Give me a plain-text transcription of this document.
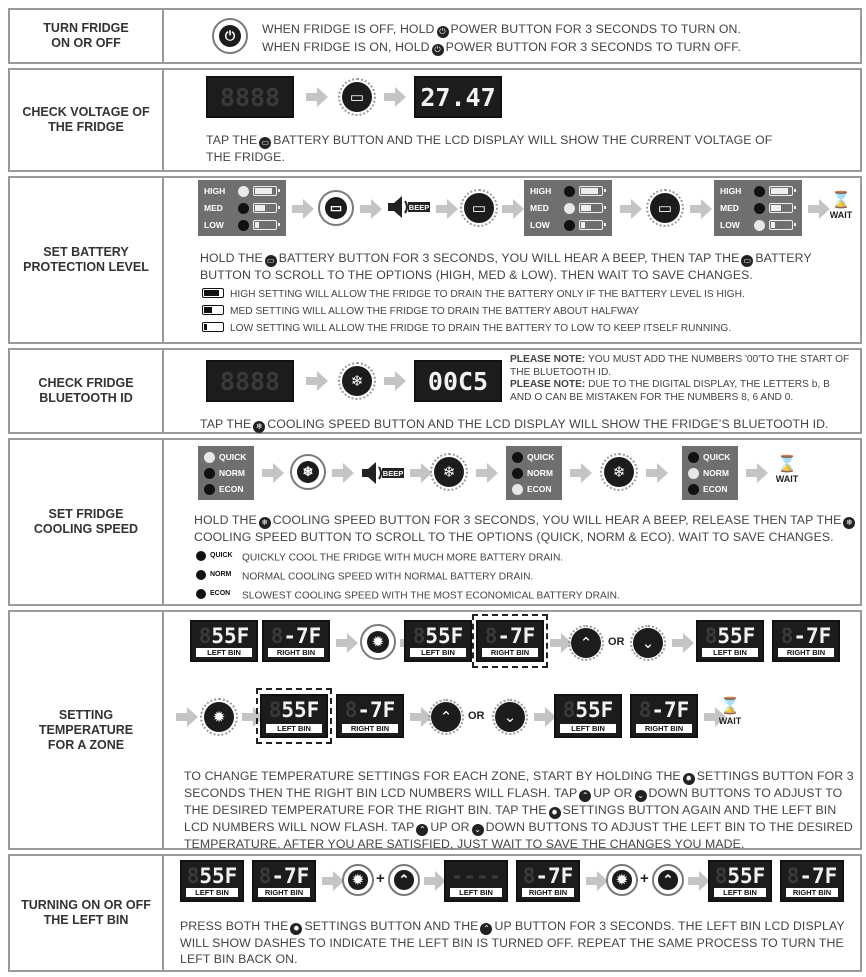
TURN FRIDGE
ON OR OFF
⏻	WHEN FRIDGE IS OFF, HOLD ⏻ POWER BUTTON FOR 3 SECONDS TO TURN ON.
WHEN FRIDGE IS ON, HOLD ⏻ POWER BUTTON FOR 3 SECONDS TO TURN OFF.
CHECK VOLTAGE OF
THE FRIDGE
8888	▭	27.47
TAP THE ▭ BATTERY BUTTON AND THE LCD DISPLAY WILL SHOW THE CURRENT VOLTAGE OF THE FRIDGE.
SET BATTERY
PROTECTION LEVEL
HIGH
MED
LOW
▭	BEEP	▭
HIGH
MED
LOW
▭
HIGH
MED
LOW
⌛
WAIT
HOLD THE ▭ BATTERY BUTTON FOR 3 SECONDS, YOU WILL HEAR A BEEP, THEN TAP THE ▭ BATTERY BUTTON TO SCROLL TO THE OPTIONS (HIGH, MED & LOW). THEN WAIT TO SAVE CHANGES.
HIGH SETTING WILL ALLOW THE FRIDGE TO DRAIN THE BATTERY ONLY IF THE BATTERY LEVEL IS HIGH.
MED SETTING WILL ALLOW THE FRIDGE TO DRAIN THE BATTERY ABOUT HALFWAY
LOW SETTING WILL ALLOW THE FRIDGE TO DRAIN THE BATTERY TO LOW TO KEEP ITSELF RUNNING.
CHECK FRIDGE
BLUETOOTH ID
8888	❄	00C5
PLEASE NOTE: YOU MUST ADD THE NUMBERS '00'TO THE START OF THE BLUETOOTH ID.
PLEASE NOTE: DUE TO THE DIGITAL DISPLAY, THE LETTERS b, B AND O CAN BE MISTAKEN FOR THE NUMBERS 8, 6 AND 0.
TAP THE ❄ COOLING SPEED BUTTON AND THE LCD DISPLAY WILL SHOW THE FRIDGE’S BLUETOOTH ID.
SET FRIDGE
COOLING SPEED
QUICK
NORM
ECON
❄	BEEP	❄
QUICK
NORM
ECON
❄
QUICK
NORM
ECON
⌛
WAIT
HOLD THE ❄ COOLING SPEED BUTTON FOR 3 SECONDS, YOU WILL HEAR A BEEP, RELEASE THEN TAP THE ❄COOLING SPEED BUTTON TO SCROLL TO THE OPTIONS (QUICK, NORM & ECO). WAIT TO SAVE CHANGES.
QUICK QUICKLY COOL THE FRIDGE WITH MUCH MORE BATTERY DRAIN.
NORM NORMAL COOLING SPEED WITH NORMAL BATTERY DRAIN.
ECON SLOWEST COOLING SPEED WITH THE MOST ECONOMICAL BATTERY DRAIN.
SETTING
TEMPERATURE
FOR A ZONE
855F
LEFT BIN
8-7F
RIGHT BIN
✹	855F
LEFT BIN
8-7F
RIGHT BIN
⌃	OR	⌄	855F
LEFT BIN
8-7F
RIGHT BIN
✹	855F
LEFT BIN
8-7F
RIGHT BIN
⌃	OR	⌄	855F
LEFT BIN
8-7F
RIGHT BIN
⌛
WAIT
TO CHANGE TEMPERATURE SETTINGS FOR EACH ZONE, START BY HOLDING THE ✹ SETTINGS BUTTON FOR 3 SECONDS THEN THE RIGHT BIN LCD NUMBERS WILL FLASH. TAP ⌃ UP OR ⌄ DOWN BUTTONS TO ADJUST TO THE DESIRED TEMPERATURE FOR THE RIGHT BIN. TAP THE ✹ SETTINGS BUTTON AGAIN AND THE LEFT BIN LCD NUMBERS WILL NOW FLASH. TAP ⌃ UP OR ⌄ DOWN BUTTONS TO ADJUST THE LEFT BIN TO THE DESIRED TEMPERATURE. AFTER YOU ARE SATISFIED, JUST WAIT TO SAVE THE CHANGES YOU MADE.
TURNING ON OR OFF
THE LEFT BIN
855F
LEFT BIN
8-7F
RIGHT BIN
✹ +	⌃ ----
LEFT BIN
8-7F
RIGHT BIN
✹ +	⌃ 855F
LEFT BIN
8-7F
RIGHT BIN
PRESS BOTH THE ✹ SETTINGS BUTTON AND THE ⌃ UP BUTTON FOR 3 SECONDS. THE LEFT BIN LCD DISPLAY WILL SHOW DASHES TO INDICATE THE LEFT BIN IS TURNED OFF. REPEAT THE SAME PROCESS TO TURN THE LEFT BIN BACK ON.
